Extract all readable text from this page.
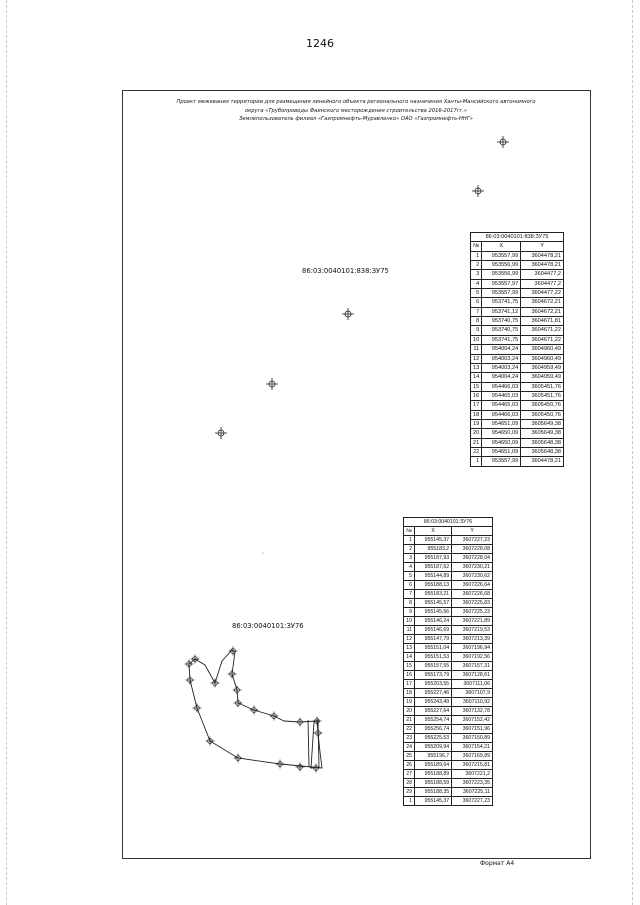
1246
Проект межевания территории для размещения линейного объекта регионального назначения Ханты-Мансийского автономного
округа «Трубопроводы Фаинского месторождения строительства 2016-2017гг.»
Землепользователь филиал «Газпромнефть-Муравленко» ОАО «Газпромнефть-ННГ»
86:03:0040101:838:ЗУ75
86:03:0040101:ЗУ76
86:03:0040101:838:ЗУ75		
№	X	Y
1	953557,99	3604478,21
2	953556,99	3604478,21
3	953556,99	3604477,2
4	953557,97	3604477,2
5	953557,99	3604477,22
6	953741,75	3604672,21
7	953741,12	3604672,21
8	953740,75	3604671,81
9	953740,75	3604671,22
10	953741,75	3604671,22
11	954004,24	3604960,49
12	954003,24	3604960,49
13	954003,24	3604959,49
14	954004,24	3604959,49
15	954466,03	3605451,76
16	954465,03	3605451,76
17	954465,03	3605450,76
18	954466,03	3605450,76
19	954651,09	3605649,38
20	954650,09	3605649,38
21	954650,09	3605648,38
22	954651,09	3605648,38
1	953557,99	3604478,21
86:03:0040101:ЗУ76		
№	X	Y
1	955145,37	3607227,23
2	955183,2	3607228,08
3	955187,93	3607228,04
4	955187,62	3607230,21
5	955144,89	3607230,62
6	955188,13	3607226,64
7	955183,21	3607226,68
8	955145,57	3607225,83
9	955145,66	3607225,23
10	955146,24	3607221,89
11	955146,69	3607219,53
12	955147,79	3607213,39
13	955151,04	3607196,94
14	955151,53	3607192,56
15	955157,55	3607157,31
16	955173,79	3607128,61
17	955203,55	3607111,06
18	955227,46	3607107,9
19	955243,49	3607110,92
20	955227,64	3607132,78
21	955254,74	3607152,42
22	955256,74	3607151,96
23	955225,53	3607150,89
24	955209,94	3607154,21
25	955196,7	3607169,89
26	955189,64	3607215,81
27	955188,89	3607221,2
28	955188,59	3607223,35
29	955188,35	3607225,11
1	955145,37	3607227,23
Формат А4
